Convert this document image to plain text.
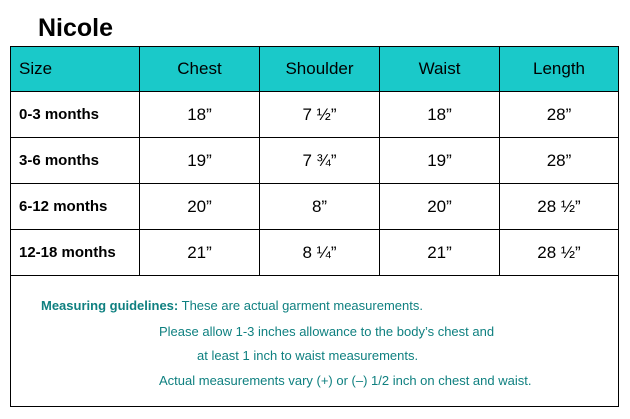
Nicole
Size	Chest	Shoulder	Waist	Length
0-3 months	18”	7 ½”	18”	28”
3-6 months	19”	7 ¾”	19”	28”
6-12 months	20”	8”	20”	28 ½”
12-18 months	21”	8 ¼”	21”	28 ½”

Measuring guidelines: These are actual garment measurements.
Please allow 1-3 inches allowance to the body’s chest and
at least 1 inch to waist measurements.
Actual measurements vary (+) or (–) 1/2 inch on chest and waist.				
